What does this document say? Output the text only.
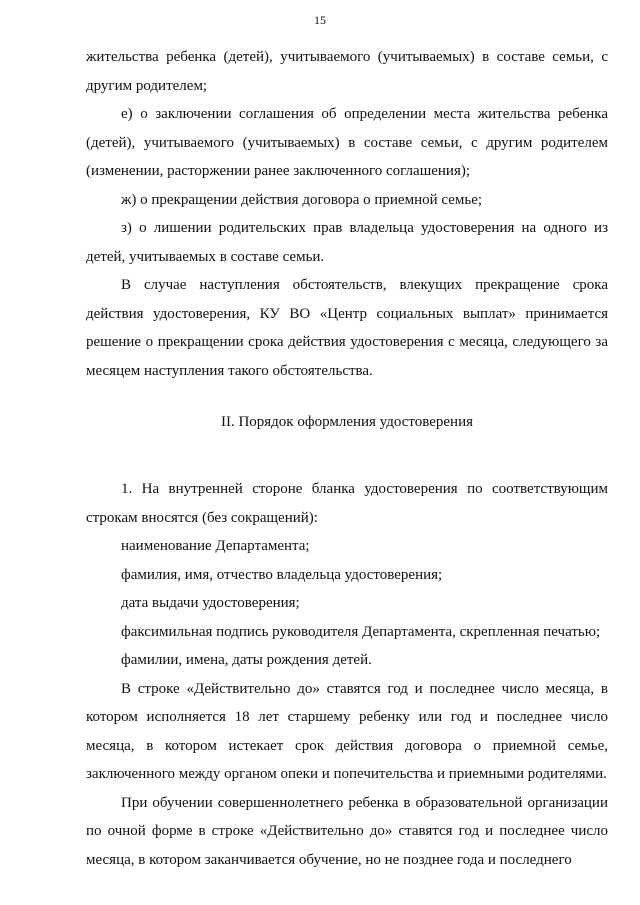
15

жительства ребенка (детей), учитываемого (учитываемых) в составе семьи, с другим родителем;

е) о заключении соглашения об определении места жительства ребенка (детей), учитываемого (учитываемых) в составе семьи, с другим родителем (изменении, расторжении ранее заключенного соглашения);

ж) о прекращении действия договора о приемной семье;

з) о лишении родительских прав владельца удостоверения на одного из детей, учитываемых в составе семьи.

В случае наступления обстоятельств, влекущих прекращение срока действия удостоверения, КУ ВО «Центр социальных выплат» принимается решение о прекращении срока действия удостоверения с месяца, следующего за месяцем наступления такого обстоятельства.

II. Порядок оформления удостоверения

1. На внутренней стороне бланка удостоверения по соответствующим строкам вносятся (без сокращений):

наименование Департамента;

фамилия, имя, отчество владельца удостоверения;

дата выдачи удостоверения;

факсимильная подпись руководителя Департамента, скрепленная печатью;

фамилии, имена, даты рождения детей.

В строке «Действительно до» ставятся год и последнее число месяца, в котором исполняется 18 лет старшему ребенку или год и последнее число месяца, в котором истекает срок действия договора о приемной семье, заключенного между органом опеки и попечительства и приемными родителями.

При обучении совершеннолетнего ребенка в образовательной организации по очной форме в строке «Действительно до» ставятся год и последнее число месяца, в котором заканчивается обучение, но не позднее года и последнего
